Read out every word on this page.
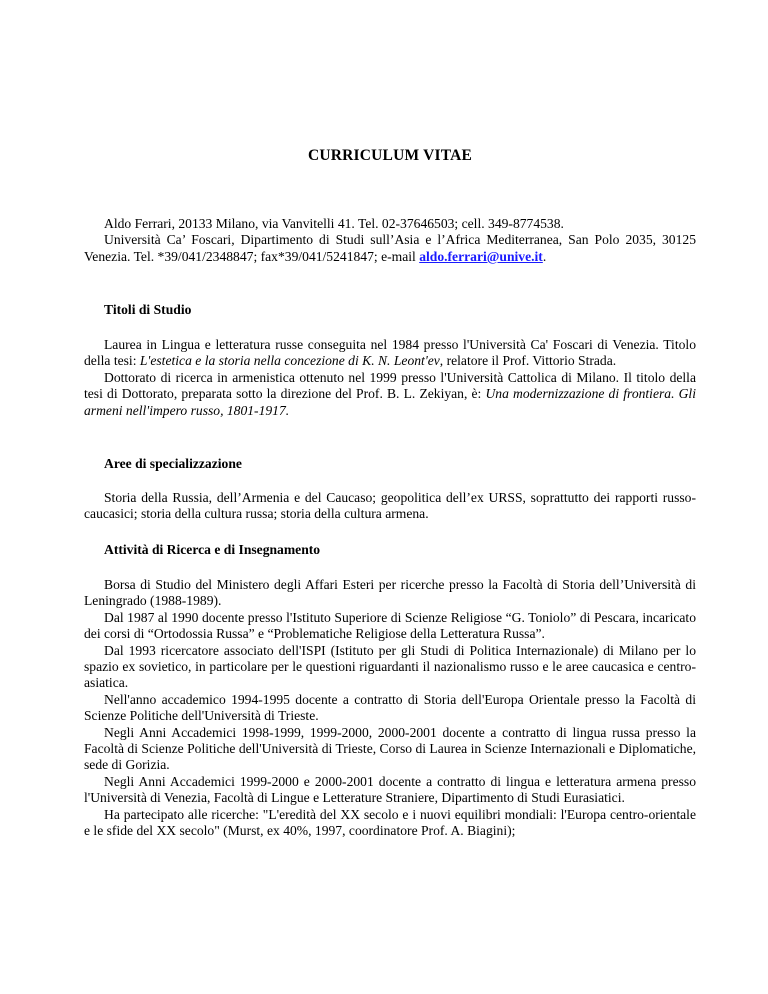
CURRICULUM VITAE

Aldo Ferrari, 20133 Milano, via Vanvitelli 41. Tel. 02-37646503; cell. 349-8774538.

Università Ca’ Foscari, Dipartimento di Studi sull’Asia e l’Africa Mediterranea, San Polo 2035, 30125 Venezia. Tel. *39/041/2348847; fax*39/041/5241847; e-mail aldo.ferrari@unive.it.

Titoli di Studio

Laurea in Lingua e letteratura russe conseguita nel 1984 presso l'Università Ca' Foscari di Venezia. Titolo della tesi: L'estetica e la storia nella concezione di K. N. Leont'ev, relatore il Prof. Vittorio Strada.

Dottorato di ricerca in armenistica ottenuto nel 1999 presso l'Università Cattolica di Milano. Il titolo della tesi di Dottorato, preparata sotto la direzione del Prof. B. L. Zekiyan, è: Una modernizzazione di frontiera. Gli armeni nell'impero russo, 1801-1917.

Aree di specializzazione

Storia della Russia, dell’Armenia e del Caucaso; geopolitica dell’ex URSS, soprattutto dei rapporti russo-caucasici; storia della cultura russa; storia della cultura armena.

Attività di Ricerca e di Insegnamento

Borsa di Studio del Ministero degli Affari Esteri per ricerche presso la Facoltà di Storia dell’Università di Leningrado (1988-1989).

Dal 1987 al 1990 docente presso l'Istituto Superiore di Scienze Religiose “G. Toniolo” di Pescara, incaricato dei corsi di “Ortodossia Russa” e “Problematiche Religiose della Letteratura Russa”.

Dal 1993 ricercatore associato dell'ISPI (Istituto per gli Studi di Politica Internazionale) di Milano per lo spazio ex sovietico, in particolare per le questioni riguardanti il nazionalismo russo e le aree caucasica e centro-asiatica.

Nell'anno accademico 1994-1995 docente a contratto di Storia dell'Europa Orientale presso la Facoltà di Scienze Politiche dell'Università di Trieste.

Negli Anni Accademici 1998-1999, 1999-2000, 2000-2001 docente a contratto di lingua russa presso la Facoltà di Scienze Politiche dell'Università di Trieste, Corso di Laurea in Scienze Internazionali e Diplomatiche, sede di Gorizia.

Negli Anni Accademici 1999-2000 e 2000-2001 docente a contratto di lingua e letteratura armena presso l'Università di Venezia, Facoltà di Lingue e Letterature Straniere, Dipartimento di Studi Eurasiatici.

Ha partecipato alle ricerche: "L'eredità del XX secolo e i nuovi equilibri mondiali: l'Europa centro-orientale e le sfide del XX secolo" (Murst, ex 40%, 1997, coordinatore Prof. A. Biagini);
